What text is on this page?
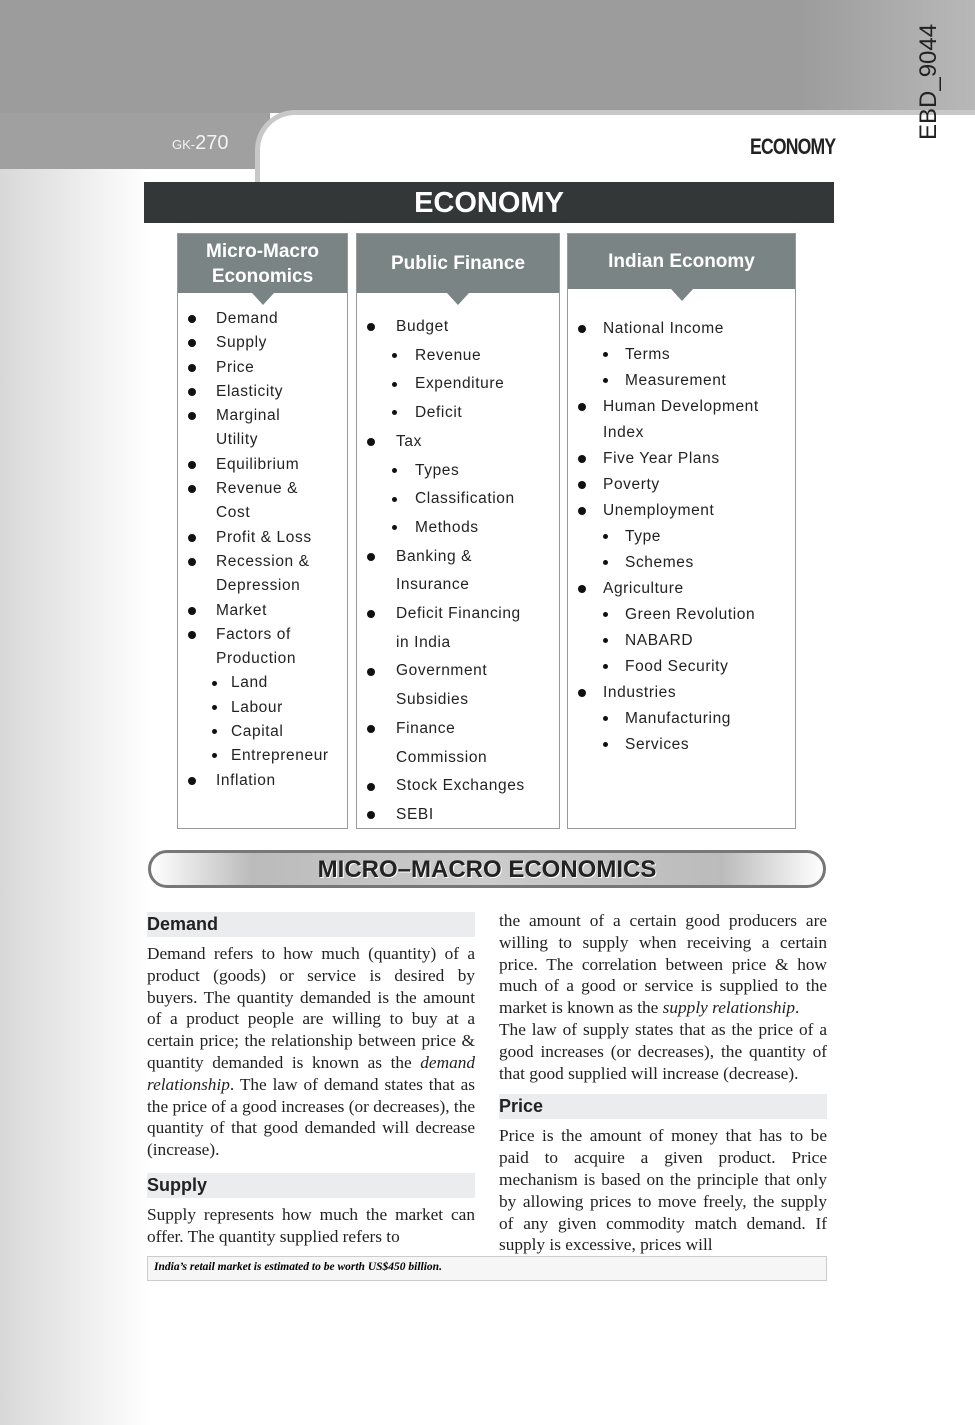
GK-270	ECONOMY
EBD_9044
ECONOMY
Micro-Macro
Economics
Demand
Supply
Price
Elasticity
Marginal
Utility
Equilibrium
Revenue &
Cost
Profit & Loss
Recession &
Depression
Market
Factors of
Production
Land
Labour
Capital
Entrepreneur
Inflation
Public Finance
Budget
Revenue
Expenditure
Deficit
Tax
Types
Classification
Methods
Banking &
Insurance
Deficit Financing
in India
Government
Subsidies
Finance
Commission
Stock Exchanges
SEBI
Indian Economy
National Income
Terms
Measurement
Human Development
Index
Five Year Plans
Poverty
Unemployment
Type
Schemes
Agriculture
Green Revolution
NABARD
Food Security
Industries
Manufacturing
Services
MICRO–MACRO ECONOMICS
Demand

Demand refers to how much (quantity) of a product (goods) or service is desired by buyers. The quantity demanded is the amount of a product people are willing to buy at a certain price; the relationship between price & quantity demanded is known as the demand relationship. The law of demand states that as the price of a good increases (or decreases), the quantity of that good demanded will decrease (increase).

Supply

Supply represents how much the market can offer. The quantity supplied refers to

the amount of a certain good producers are willing to supply when receiving a certain price. The correlation between price & how much of a good or service is supplied to the market is known as the supply relationship.

The law of supply states that as the price of a good increases (or decreases), the quantity of that good supplied will increase (decrease).

Price

Price is the amount of money that has to be paid to acquire a given product. Price mechanism is based on the principle that only by allowing prices to move freely, the supply of any given commodity match demand. If supply is excessive, prices will

India’s retail market is estimated to be worth US$450 billion.
